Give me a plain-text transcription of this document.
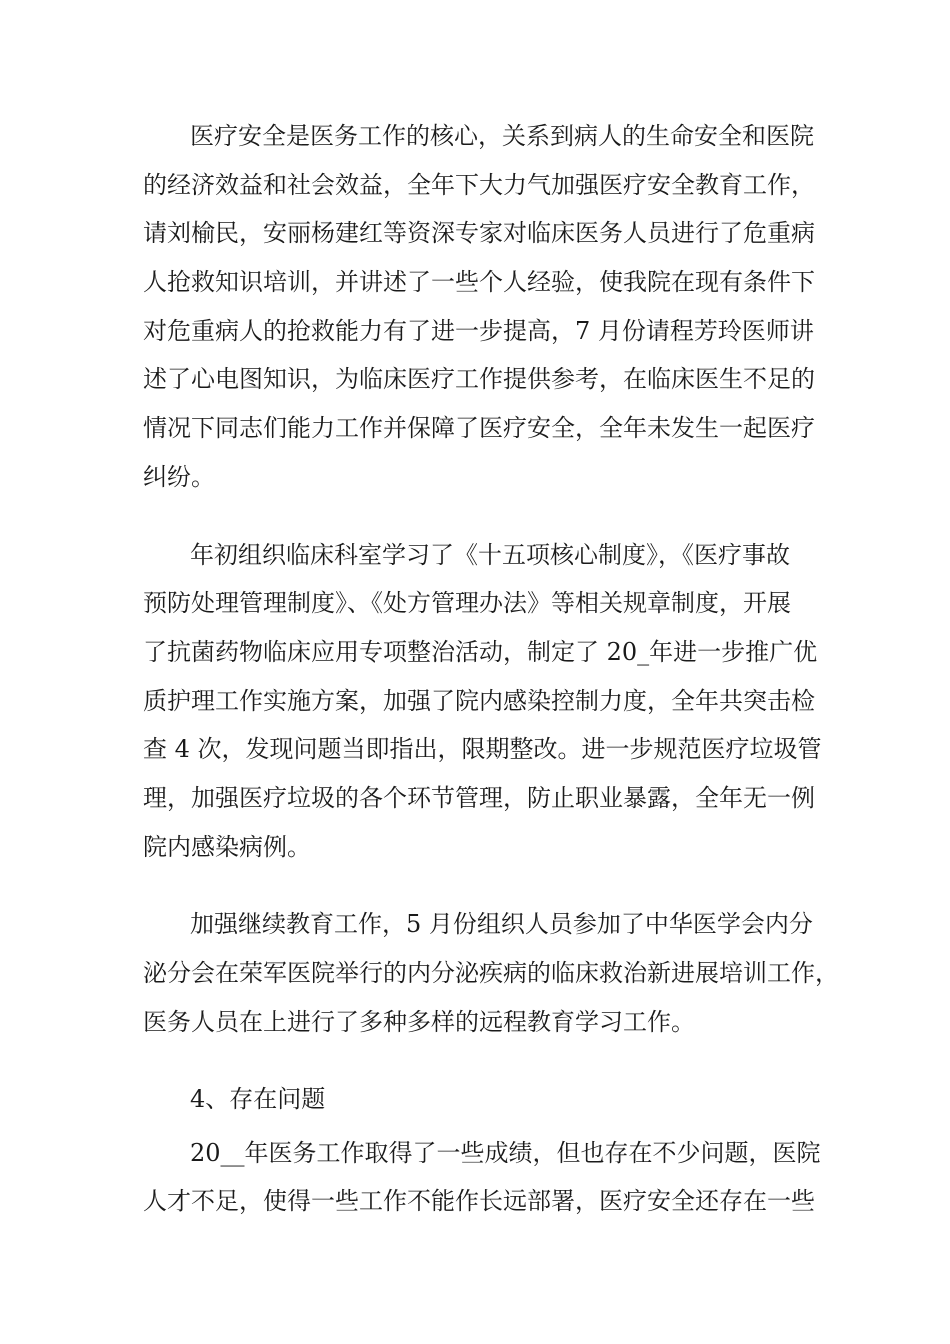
医疗安全是医务工作的核心，关系到病人的生命安全和医院

的经济效益和社会效益，全年下大力气加强医疗安全教育工作，

请刘榆民，安丽杨建红等资深专家对临床医务人员进行了危重病

人抢救知识培训，并讲述了一些个人经验，使我院在现有条件下

对危重病人的抢救能力有了进一步提高，7 月份请程芳玲医师讲

述了心电图知识，为临床医疗工作提供参考，在临床医生不足的

情况下同志们能力工作并保障了医疗安全，全年未发生一起医疗

纠纷。

年初组织临床科室学习了《十五项核心制度》，《医疗事故

预防处理管理制度》、《处方管理办法》等相关规章制度，开展

了抗菌药物临床应用专项整治活动，制定了 20_年进一步推广优

质护理工作实施方案，加强了院内感染控制力度，全年共突击检

查 4 次，发现问题当即指出，限期整改。进一步规范医疗垃圾管

理，加强医疗垃圾的各个环节管理，防止职业暴露，全年无一例

院内感染病例。

加强继续教育工作，5 月份组织人员参加了中华医学会内分

泌分会在荣军医院举行的内分泌疾病的临床救治新进展培训工作，

医务人员在上进行了多种多样的远程教育学习工作。

4、存在问题

20__年医务工作取得了一些成绩，但也存在不少问题，医院

人才不足，使得一些工作不能作长远部署，医疗安全还存在一些
